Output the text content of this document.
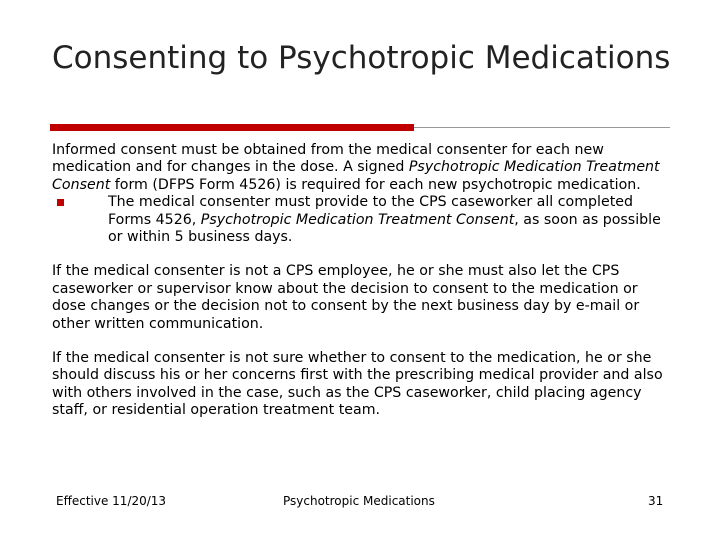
Consenting to Psychotropic Medications

Informed consent must be obtained from the medical consenter for each new medication and for changes in the dose. A signed Psychotropic Medication Treatment Consent form (DFPS Form 4526) is required for each new psychotropic medication.

The medical consenter must provide to the CPS caseworker all completed Forms 4526, Psychotropic Medication Treatment Consent, as soon as possible or within 5 business days.

If the medical consenter is not a CPS employee, he or she must also let the CPS caseworker or supervisor know about the decision to consent to the medication or dose changes or the decision not to consent by the next business day by e-mail or other written communication.

If the medical consenter is not sure whether to consent to the medication, he or she should discuss his or her concerns first with the prescribing medical provider and also with others involved in the case, such as the CPS caseworker, child placing agency staff, or residential operation treatment team.

Effective 11/20/13	Psychotropic Medications	31
